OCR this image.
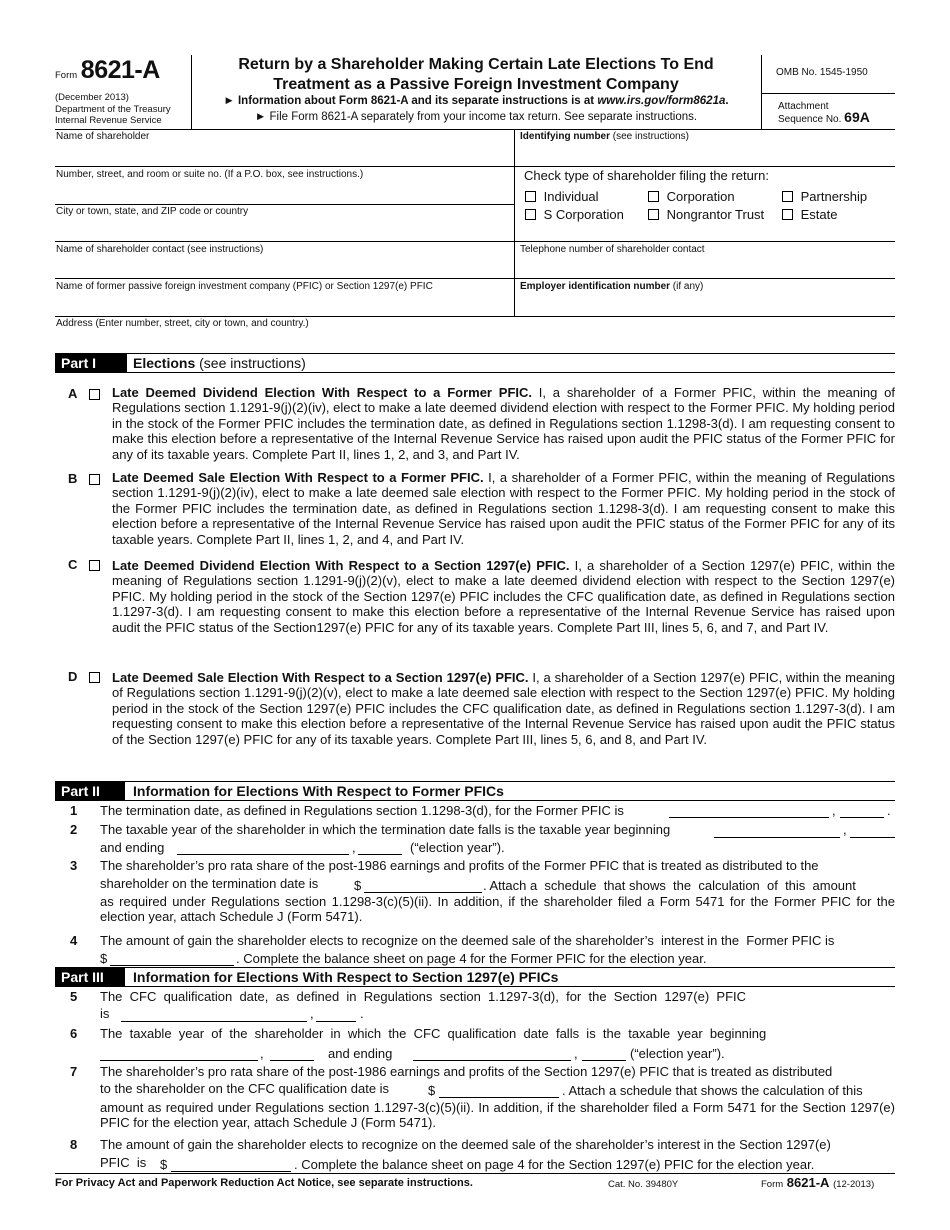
Form 8621-A
(December 2013)
Department of the Treasury
Internal Revenue Service
Return by a Shareholder Making Certain Late Elections To End
Treatment as a Passive Foreign Investment Company
► Information about Form 8621-A and its separate instructions is at www.irs.gov/form8621a.
► File Form 8621-A separately from your income tax return. See separate instructions.
OMB No. 1545-1950
Attachment
Sequence No. 69A
Name of shareholder	Identifying number (see instructions)
Number, street, and room or suite no. (If a P.O. box, see instructions.)
City or town, state, and ZIP code or country
Check type of shareholder filing the return:
Individual	Corporation	Partnership
S Corporation	Nongrantor Trust	Estate
Name of shareholder contact (see instructions)	Telephone number of shareholder contact
Name of former passive foreign investment company (PFIC) or Section 1297(e) PFIC	Employer identification number (if any)
Address (Enter number, street, city or town, and country.)
Part I	Elections (see instructions)
A	Late Deemed Dividend Election With Respect to a Former PFIC. I, a shareholder of a Former PFIC, within the meaning of Regulations section 1.1291-9(j)(2)(iv), elect to make a late deemed dividend election with respect to the Former PFIC. My holding period in the stock of the Former PFIC includes the termination date, as defined in Regulations section 1.1298-3(d). I am requesting consent to make this election before a representative of the Internal Revenue Service has raised upon audit the PFIC status of the Former PFIC for any of its taxable years. Complete Part II, lines 1, 2, and 3, and Part IV.
B	Late Deemed Sale Election With Respect to a Former PFIC. I, a shareholder of a Former PFIC, within the meaning of Regulations section 1.1291-9(j)(2)(iv), elect to make a late deemed sale election with respect to the Former PFIC. My holding period in the stock of the Former PFIC includes the termination date, as defined in Regulations section 1.1298-3(d). I am requesting consent to make this election before a representative of the Internal Revenue Service has raised upon audit the PFIC status of the Former PFIC for any of its taxable years. Complete Part II, lines 1, 2, and 4, and Part IV.
C	Late Deemed Dividend Election With Respect to a Section 1297(e) PFIC. I, a shareholder of a Section 1297(e) PFIC, within the meaning of Regulations section 1.1291-9(j)(2)(v), elect to make a late deemed dividend election with respect to the Section 1297(e) PFIC. My holding period in the stock of the Section 1297(e) PFIC includes the CFC qualification date, as defined in Regulations section 1.1297-3(d). I am requesting consent to make this election before a representative of the Internal Revenue Service has raised upon audit the PFIC status of the Section1297(e) PFIC for any of its taxable years. Complete Part III, lines 5, 6, and 7, and Part IV.
D	Late Deemed Sale Election With Respect to a Section 1297(e) PFIC. I, a shareholder of a Section 1297(e) PFIC, within the meaning of Regulations section 1.1291-9(j)(2)(v), elect to make a late deemed sale election with respect to the Section 1297(e) PFIC. My holding period in the stock of the Section 1297(e) PFIC includes the CFC qualification date, as defined in Regulations section 1.1297-3(d). I am requesting consent to make this election before a representative of the Internal Revenue Service has raised upon audit the PFIC status of the Section 1297(e) PFIC for any of its taxable years. Complete Part III, lines 5, 6, and 8, and Part IV.
Part II	Information for Elections With Respect to Former PFICs
1 The termination date, as defined in Regulations section 1.1298-3(d), for the Former PFIC is	,	.
2 The taxable year of the shareholder in which the termination date falls is the taxable year beginning	,
and ending	,	(“election year”).
3 The shareholder’s pro rata share of the post-1986 earnings and profits of the Former PFIC that is treated as distributed to the
shareholder on the termination date is	$	. Attach a  schedule  that shows  the  calculation  of  this  amount
as required under Regulations section 1.1298-3(c)(5)(ii). In addition, if the shareholder filed a Form 5471 for the Former PFIC for the election year, attach Schedule J (Form 5471).
4 The amount of gain the shareholder elects to recognize on the deemed sale of the shareholder’s  interest in the  Former PFIC is
$	. Complete the balance sheet on page 4 for the Former PFIC for the election year.
Part III	Information for Elections With Respect to Section 1297(e) PFICs
5 The  CFC  qualification  date,  as  defined  in  Regulations  section  1.1297-3(d),  for  the  Section  1297(e)  PFIC
is	,	.
6 The  taxable  year  of  the  shareholder  in  which  the  CFC  qualification  date  falls  is  the  taxable  year  beginning
,	and ending	,	(“election year”).
7 The shareholder’s pro rata share of the post-1986 earnings and profits of the Section 1297(e) PFIC that is treated as distributed
to the shareholder on the CFC qualification date is	$	. Attach a schedule that shows the calculation of this
amount as required under Regulations section 1.1297-3(c)(5)(ii). In addition, if the shareholder filed a Form 5471 for the Section 1297(e) PFIC for the election year, attach Schedule J (Form 5471).
8 The amount of gain the shareholder elects to recognize on the deemed sale of the shareholder’s interest in the Section 1297(e)
PFIC  is $	. Complete the balance sheet on page 4 for the Section 1297(e) PFIC for the election year.
For Privacy Act and Paperwork Reduction Act Notice, see separate instructions.	Cat. No. 39480Y	Form 8621-A (12-2013)
